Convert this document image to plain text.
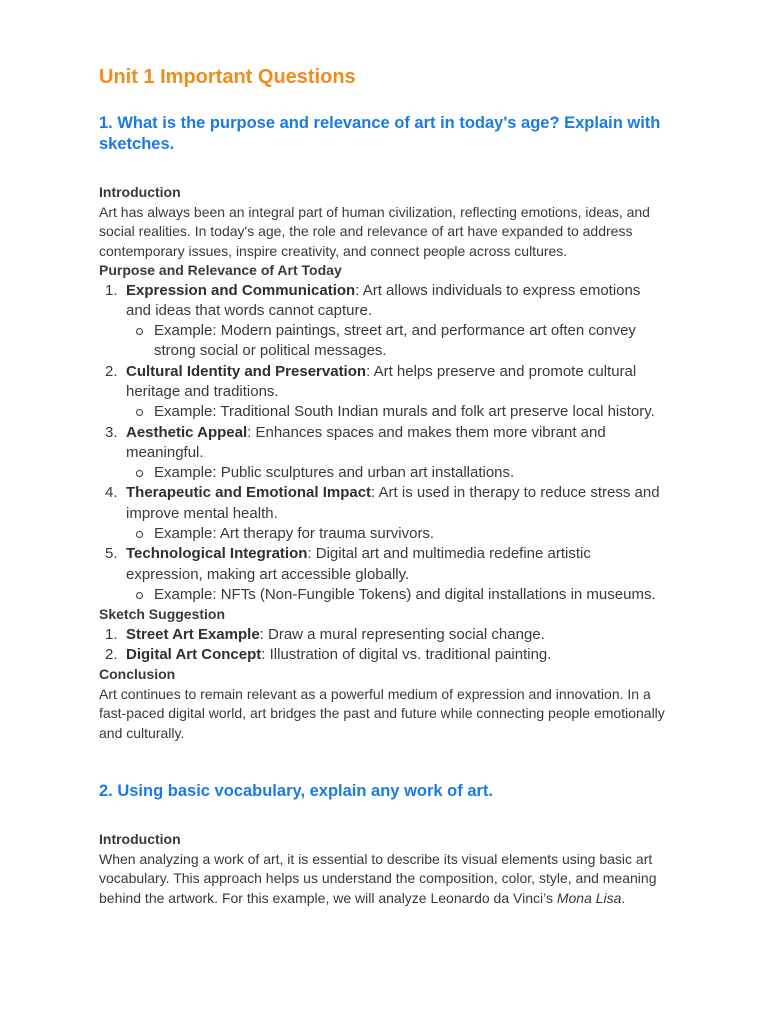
Unit 1 Important Questions
1. What is the purpose and relevance of art in today's age? Explain with sketches.

Introduction

Art has always been an integral part of human civilization, reflecting emotions, ideas, and social realities. In today's age, the role and relevance of art have expanded to address contemporary issues, inspire creativity, and connect people across cultures.

Purpose and Relevance of Art Today

1. Expression and Communication: Art allows individuals to express emotions and ideas that words cannot capture.
Example: Modern paintings, street art, and performance art often convey strong social or political messages.
2. Cultural Identity and Preservation: Art helps preserve and promote cultural heritage and traditions.
Example: Traditional South Indian murals and folk art preserve local history.
3. Aesthetic Appeal: Enhances spaces and makes them more vibrant and meaningful.
Example: Public sculptures and urban art installations.
4. Therapeutic and Emotional Impact: Art is used in therapy to reduce stress and improve mental health.
Example: Art therapy for trauma survivors.
5. Technological Integration: Digital art and multimedia redefine artistic expression, making art accessible globally.
Example: NFTs (Non-Fungible Tokens) and digital installations in museums.

Sketch Suggestion

1. Street Art Example: Draw a mural representing social change.
2. Digital Art Concept: Illustration of digital vs. traditional painting.

Conclusion

Art continues to remain relevant as a powerful medium of expression and innovation. In a fast-paced digital world, art bridges the past and future while connecting people emotionally and culturally.

2. Using basic vocabulary, explain any work of art.

Introduction

When analyzing a work of art, it is essential to describe its visual elements using basic art vocabulary. This approach helps us understand the composition, color, style, and meaning behind the artwork. For this example, we will analyze Leonardo da Vinci’s Mona Lisa.
